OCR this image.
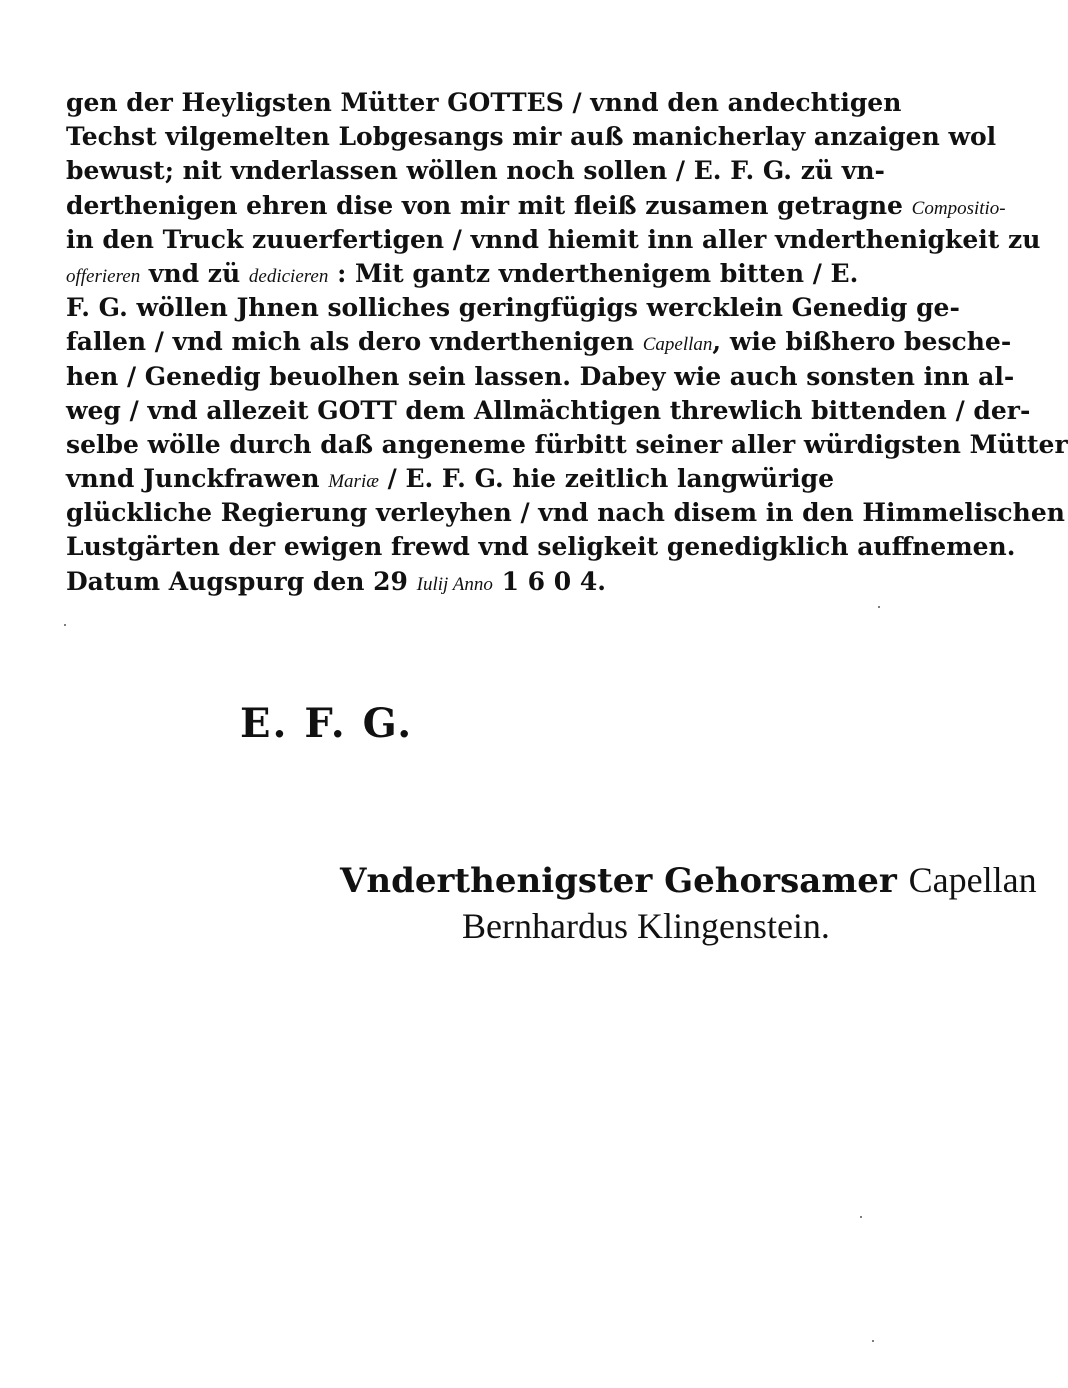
gen der Heyligsten Mütter GOTTES / vnnd den andechtigen
Techst vilgemelten Lobgesangs mir auß manicherlay anzaigen wol
bewust; nit vnderlassen wöllen noch sollen / E. F. G. zü vn-
derthenigen ehren dise von mir mit fleiß zusamen getragne Compositio-
in den Truck zuuerfertigen / vnnd hiemit inn aller vnderthenigkeit zu
offerieren vnd zü dedicieren : Mit gantz vnderthenigem bitten / E.
F. G. wöllen Jhnen solliches geringfügigs wercklein Genedig ge-
fallen / vnd mich als dero vnderthenigen Capellan, wie bißhero besche-
hen / Genedig beuolhen sein lassen. Dabey wie auch sonsten inn al-
weg / vnd allezeit GOTT dem Allmächtigen threwlich bittenden / der-
selbe wölle durch daß angeneme fürbitt seiner aller würdigsten Mütter
vnnd Junckfrawen Mariæ / E. F. G. hie zeitlich langwürige
glückliche Regierung verleyhen / vnd nach disem in den Himmelischen
Lustgärten der ewigen frewd vnd seligkeit genedigklich auffnemen.
Datum Augspurg den 29 Iulij Anno 1 6 0 4.
E. F. G.
Vnderthenigster Gehorsamer Capellan
Bernhardus Klingenstein.
